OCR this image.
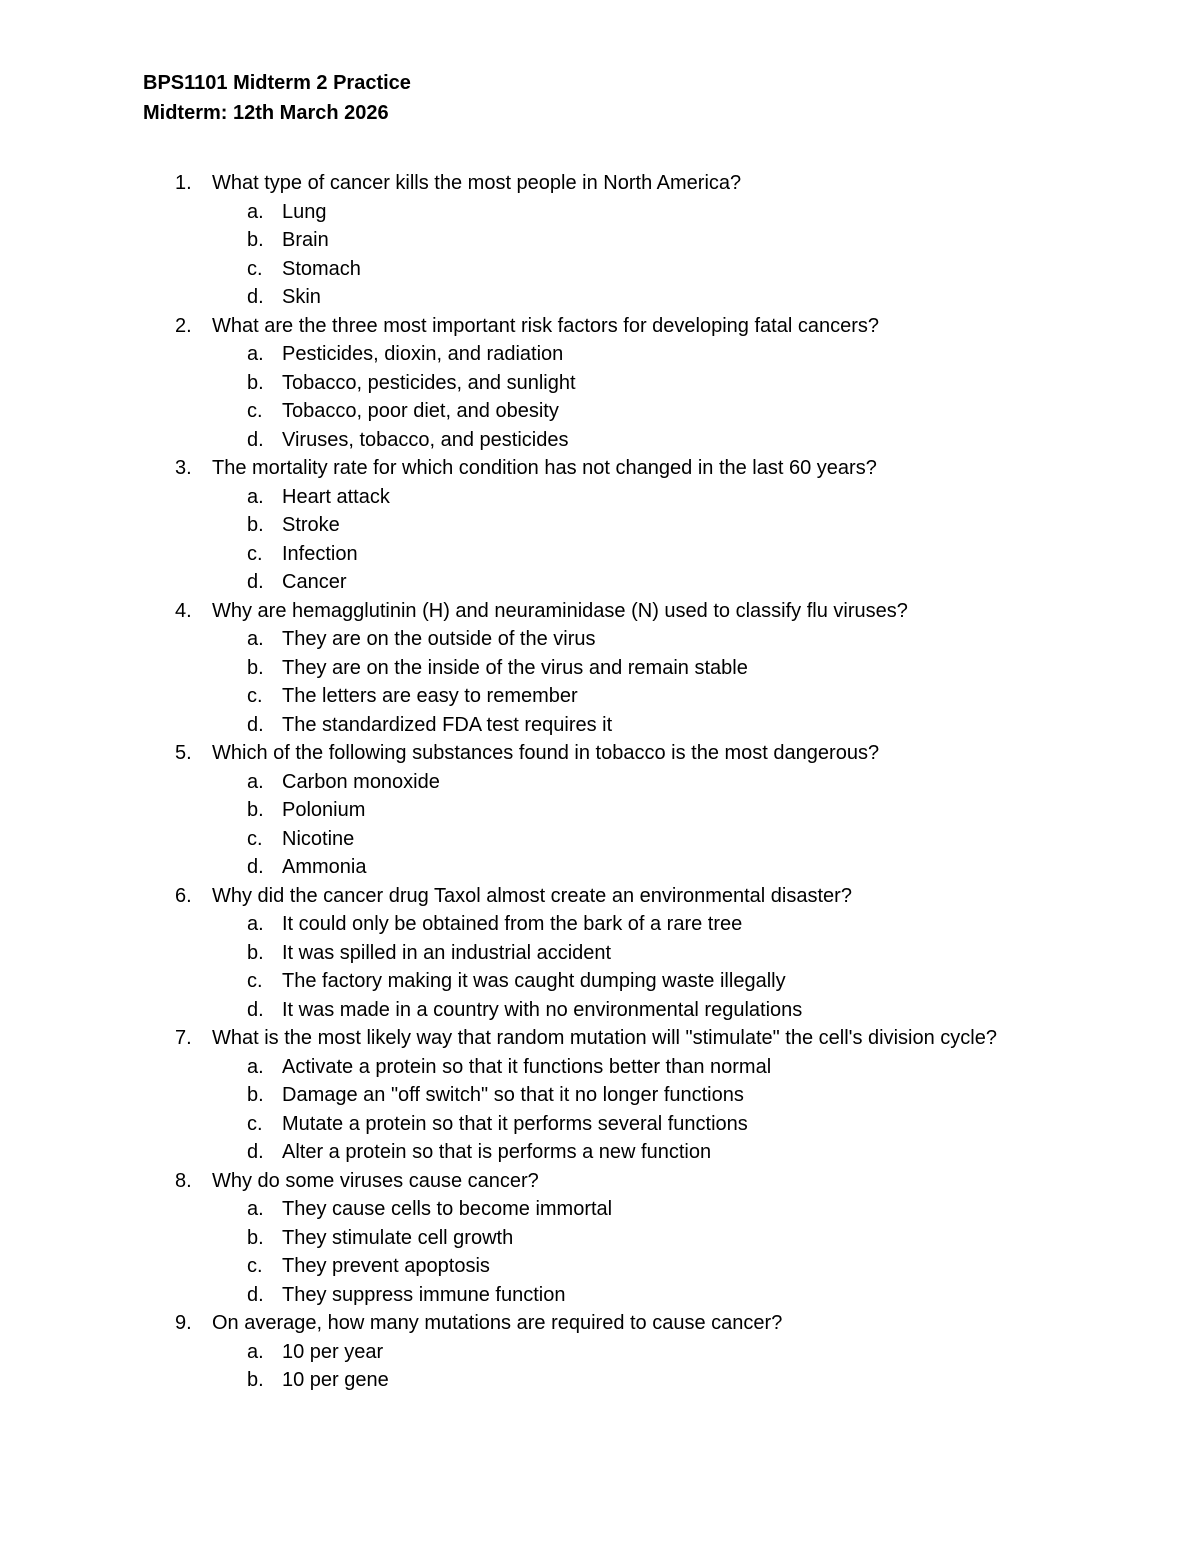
BPS1101 Midterm 2 Practice
Midterm: 12th March 2026
1. What type of cancer kills the most people in North America?
a. Lung
b. Brain
c. Stomach
d. Skin
2. What are the three most important risk factors for developing fatal cancers?
a. Pesticides, dioxin, and radiation
b. Tobacco, pesticides, and sunlight
c. Tobacco, poor diet, and obesity
d. Viruses, tobacco, and pesticides
3. The mortality rate for which condition has not changed in the last 60 years?
a. Heart attack
b. Stroke
c. Infection
d. Cancer
4. Why are hemagglutinin (H) and neuraminidase (N) used to classify flu viruses?
a. They are on the outside of the virus
b. They are on the inside of the virus and remain stable
c. The letters are easy to remember
d. The standardized FDA test requires it
5. Which of the following substances found in tobacco is the most dangerous?
a. Carbon monoxide
b. Polonium
c. Nicotine
d. Ammonia
6. Why did the cancer drug Taxol almost create an environmental disaster?
a. It could only be obtained from the bark of a rare tree
b. It was spilled in an industrial accident
c. The factory making it was caught dumping waste illegally
d. It was made in a country with no environmental regulations
7. What is the most likely way that random mutation will "stimulate" the cell's division cycle?
a. Activate a protein so that it functions better than normal
b. Damage an "off switch" so that it no longer functions
c. Mutate a protein so that it performs several functions
d. Alter a protein so that is performs a new function
8. Why do some viruses cause cancer?
a. They cause cells to become immortal
b. They stimulate cell growth
c. They prevent apoptosis
d. They suppress immune function
9. On average, how many mutations are required to cause cancer?
a. 10 per year
b. 10 per gene
